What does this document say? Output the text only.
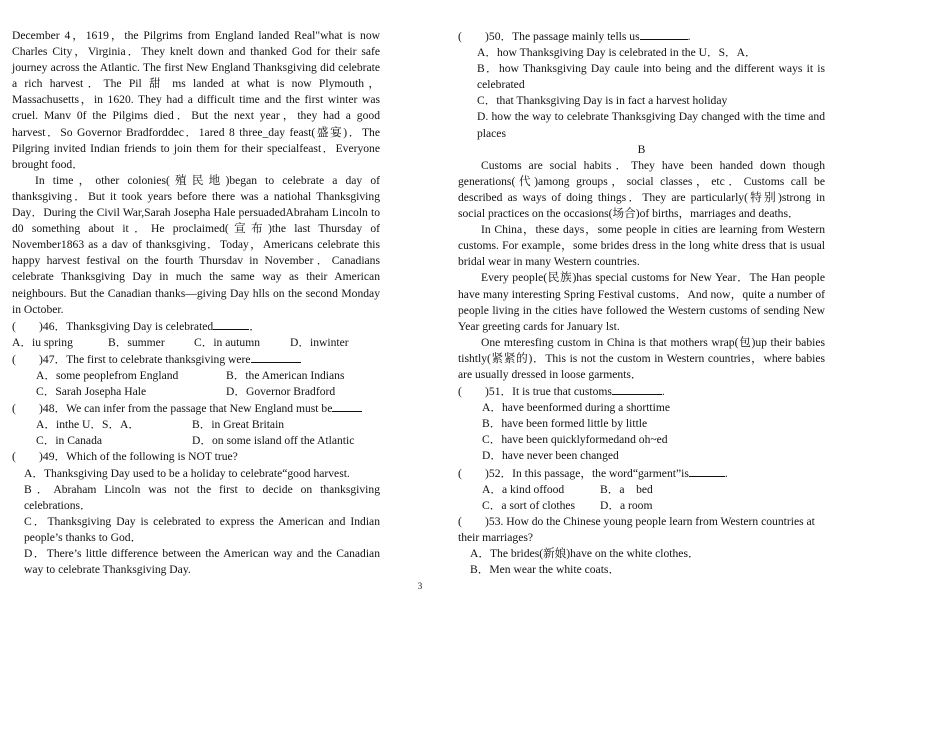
December 4，1619，the Pilgrims from England landed Real"what is now Charles City，Virginia．They knelt down and thanked God for their safe journey across the Atlantic. The first New England Thanksgiving did celebrate a rich harvest．The Pil 甜 ms landed at what is now Plymouth，Massachusetts，in 1620. They had a difficult time and the first winter was cruel. Manv 0f the Pilgims died．But the next year，they had a good harvest．So Governor Bradforddec．1ared 8 three_day feast(盛宴)．The Pilgring invited Indian friends to join them for their specialfeast．Everyone brought food．

In time，other colonies(殖民地)began to celebrate a day of thanksgiving．But it took years before there was a natiohal Thanksgiving Day．During the Civil War,Sarah Josepha Hale persuadedAbraham Lincoln to d0 something about it．He proclaimed(宣布)the last Thursday of November1863 as a dav of thanksgiving．Today，Americans celebrate this happy harvest festival on the fourth Thursdav in November．Canadians celebrate Thanksgiving Day in much the same way as their American neighbours. But the Canadian thanks—giving Day hlls on the second Monday in October.

(　　)46．Thanksgiving Day is celebrated	．

A．iu spring	B．summer	C．in autumn	D．inwinter

(　　)47．The first to celebrate thanksgiving were

A．some peoplefrom England	B．the American Indians
C．Sarah Josepha Hale	D．Governor Bradford

(　　)48．We can infer from the passage that New England must be

A．inthe U．S．A．	B．in Great Britain
C．in Canada	D．on some island off the Atlantic

(　　)49．Which of the following is NOT true?

A．Thanksgiving Day used to be a holiday to celebrate“good harvest.

B．Abraham Lincoln was not the first to decide on thanksgiving celebrations．

C．Thanksgiving Day is celebrated to express the American and Indian people’s thanks to God．

D．There’s little difference between the American way and the Canadian way to celebrate Thanksgiving Day.

(　　)50．The passage mainly tells us	.

A．how Thanksgiving Day is celebrated in the U．S．A．

B．how Thanksgiving Day caule into being and the different ways it is celebrated

C．that Thanksgiving Day is in fact a harvest holiday

D. how the way to celebrate Thanksgiving Day changed with the time and places

B

Customs are social habits．They have been handed down though generations(代)among groups，social classes，etc．Customs call be described as ways of doing things．They are particularly(特别)strong in social practices on the occasions(场合)of births，marriages and deaths．

In China，these days，some people in cities are learning from Western customs. For example，some brides dress in the long white dress that is usual bridal wear in many Western countries.

Every people(民族)has special customs for New Year．The Han people have many interesting Spring Festival customs．And now，quite a number of people living in the cities have followed the Western customs of sending New Year greeting cards for January lst.

One mteresfing custom in China is that mothers wrap(包)up their babies tishtly(紧紧的)．This is not the custom in Western countries，where babies are usually dressed in loose garments．

(　　)51．It is true that customs	.

A．have beenformed during a shorttime

B．have been formed little by little

C．have been quicklyformedand oh~ed

D．have never been changed

(　　)52．In this passage，the word“garment”is	.

A．a kind offood	B．a　bed
C．a sort of clothes	D．a room

(　　)53. How do the Chinese young people learn from Western countries at their marriages?

A．The brides(新娘)have on the white clothes．

B．Men wear the white coats．

3
